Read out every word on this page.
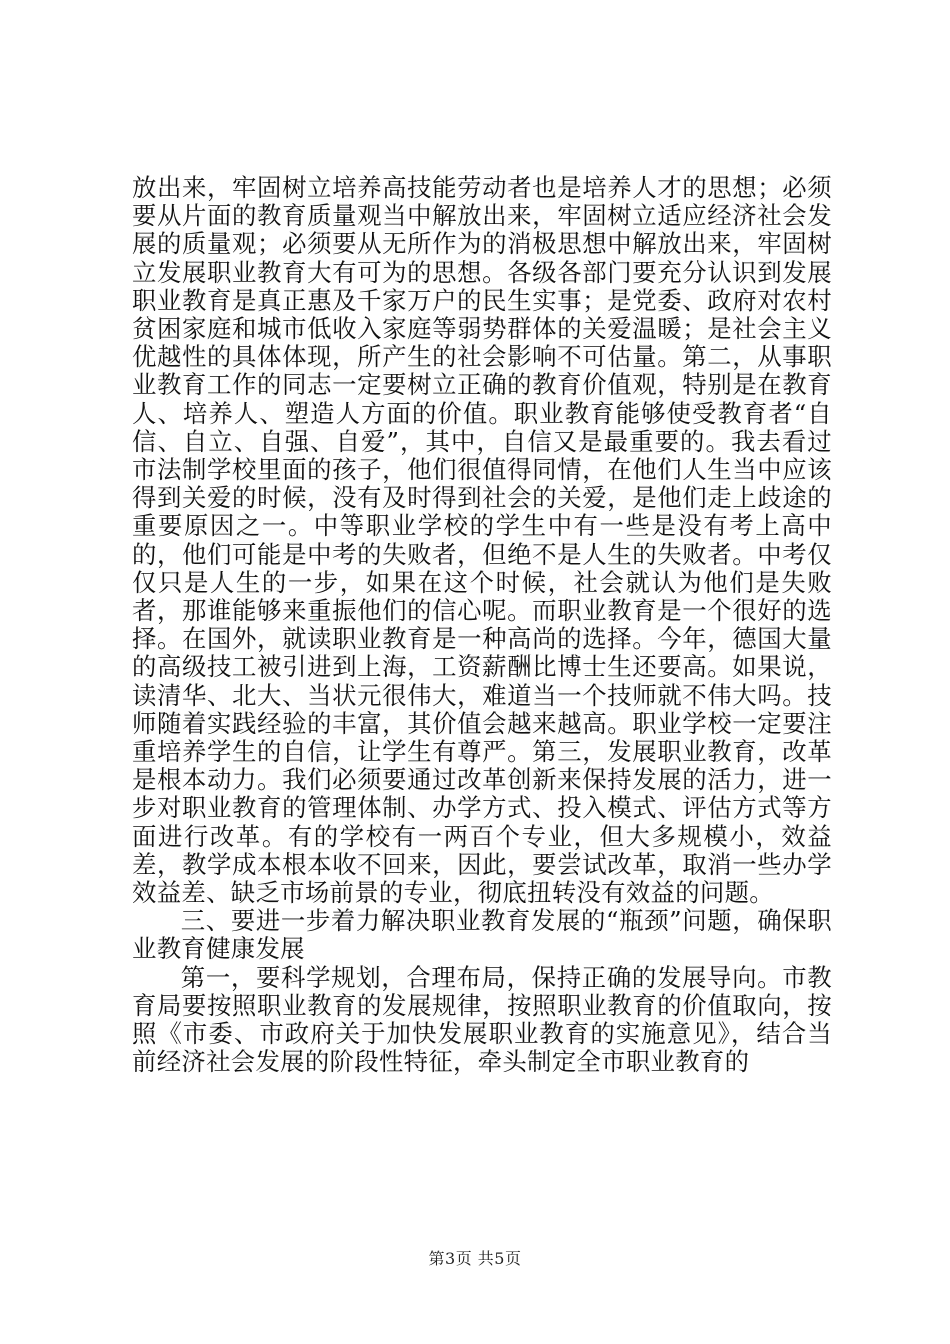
放出来，牢固树立培养高技能劳动者也是培养人才的思想；必须要从片面的教育质量观当中解放出来，牢固树立适应经济社会发展的质量观；必须要从无所作为的消极思想中解放出来，牢固树立发展职业教育大有可为的思想。各级各部门要充分认识到发展职业教育是真正惠及千家万户的民生实事；是党委、政府对农村贫困家庭和城市低收入家庭等弱势群体的关爱温暖；是社会主义优越性的具体体现，所产生的社会影响不可估量。第二，从事职业教育工作的同志一定要树立正确的教育价值观，特别是在教育人、培养人、塑造人方面的价值。职业教育能够使受教育者“自信、自立、自强、自爱”，其中，自信又是最重要的。我去看过市法制学校里面的孩子，他们很值得同情，在他们人生当中应该得到关爱的时候，没有及时得到社会的关爱，是他们走上歧途的重要原因之一。中等职业学校的学生中有一些是没有考上高中的，他们可能是中考的失败者，但绝不是人生的失败者。中考仅仅只是人生的一步，如果在这个时候，社会就认为他们是失败者，那谁能够来重振他们的信心呢。而职业教育是一个很好的选择。在国外，就读职业教育是一种高尚的选择。今年，德国大量的高级技工被引进到上海，工资薪酬比博士生还要高。如果说，读清华、北大、当状元很伟大，难道当一个技师就不伟大吗。技师随着实践经验的丰富，其价值会越来越高。职业学校一定要注重培养学生的自信，让学生有尊严。第三，发展职业教育，改革是根本动力。我们必须要通过改革创新来保持发展的活力，进一步对职业教育的管理体制、办学方式、投入模式、评估方式等方面进行改革。有的学校有一两百个专业，但大多规模小，效益差，教学成本根本收不回来，因此，要尝试改革，取消一些办学效益差、缺乏市场前景的专业，彻底扭转没有效益的问题。

三、要进一步着力解决职业教育发展的“瓶颈”问题，确保职业教育健康发展

第一，要科学规划，合理布局，保持正确的发展导向。市教育局要按照职业教育的发展规律，按照职业教育的价值取向，按照《市委、市政府关于加快发展职业教育的实施意见》，结合当前经济社会发展的阶段性特征，牵头制定全市职业教育的

第3页 共5页
